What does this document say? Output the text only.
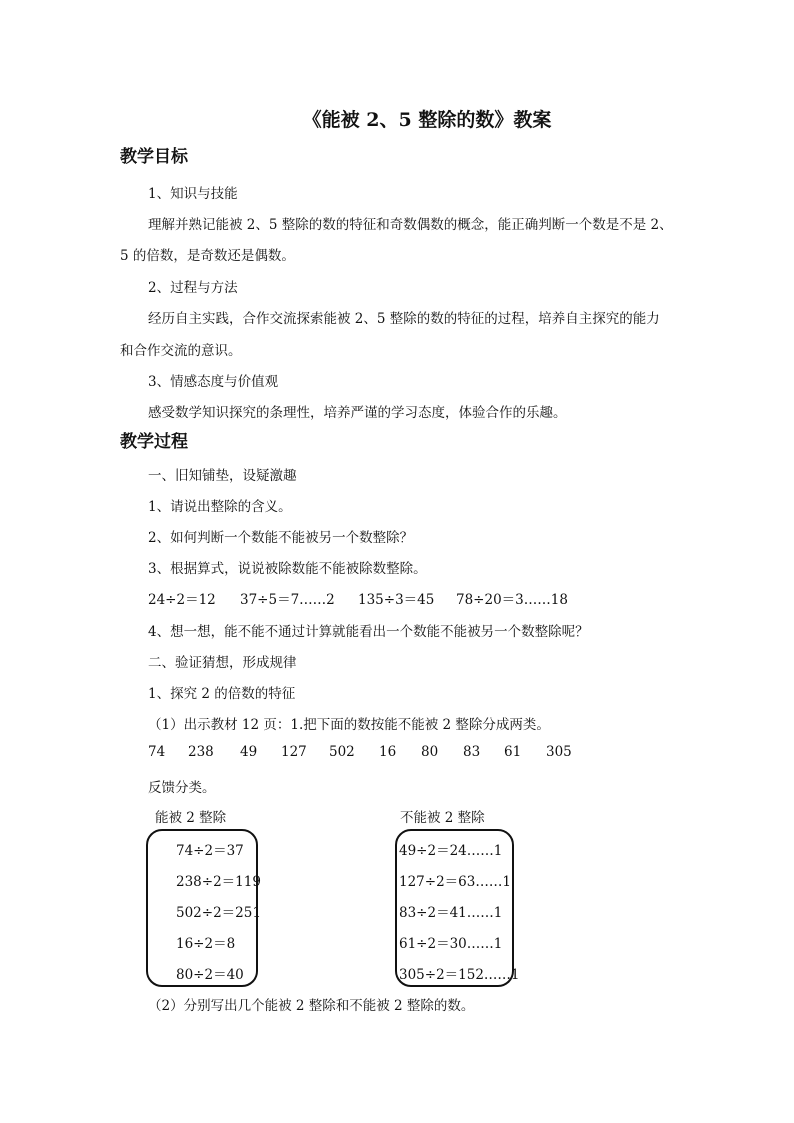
《能被 2、5 整除的数》教案
教学目标
1、知识与技能
理解并熟记能被 2、5 整除的数的特征和奇数偶数的概念，能正确判断一个数是不是 2、
5 的倍数，是奇数还是偶数。
2、过程与方法
经历自主实践，合作交流探索能被 2、5 整除的数的特征的过程，培养自主探究的能力
和合作交流的意识。
3、情感态度与价值观
感受数学知识探究的条理性，培养严谨的学习态度，体验合作的乐趣。
教学过程
一、旧知铺垫，设疑激趣
1、请说出整除的含义。
2、如何判断一个数能不能被另一个数整除？
3、根据算式，说说被除数能不能被除数整除。
24÷2＝12 37÷5＝7……2 135÷3＝45 78÷20＝3……18
4、想一想，能不能不通过计算就能看出一个数能不能被另一个数整除呢？
二、验证猜想，形成规律
1、探究 2 的倍数的特征
（1）出示教材 12 页：1.把下面的数按能不能被 2 整除分成两类。
74 238 49 127 502 16 80 83 61 305
反馈分类。
能被 2 整除	不能被 2 整除
74÷2＝37
238÷2＝119
502÷2＝251
16÷2＝8
80÷2＝40
49÷2＝24……1
127÷2＝63……1
83÷2＝41……1
61÷2＝30……1
305÷2＝152……1
（2）分别写出几个能被 2 整除和不能被 2 整除的数。
